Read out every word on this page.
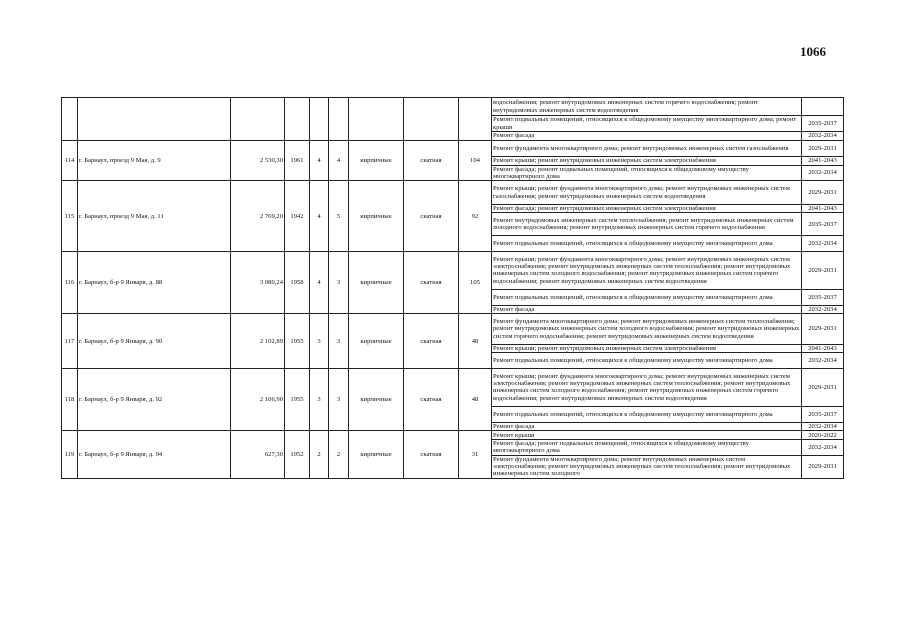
1066
									водоснабжения; ремонт внутридомовых инженерных систем горячего водоснабжения; ремонт внутридомовых инженерных систем водоотведения	
									Ремонт подвальных помещений, относящихся к общедомовому имуществу многоквартирного дома; ремонт крыши	2035-2037
									Ремонт фасада	2032-2034
114	г. Барнаул, проезд 9 Мая, д. 9	2 530,30	1961	4	4	кирпичные	скатная	104	Ремонт фундамента многоквартирного дома; ремонт внутридомовых инженерных систем газоснабжения	2029-2031
									Ремонт крыши; ремонт внутридомовых инженерных систем электроснабжения	2041-2043
									Ремонт фасада; ремонт подвальных помещений, относящихся к общедомовому имуществу многоквартирного дома	2032-2034
115	г. Барнаул, проезд 9 Мая, д. 11	2 769,20	1942	4	5	кирпичные	скатная	92	Ремонт крыши; ремонт фундамента многоквартирного дома; ремонт внутридомовых инженерных систем газоснабжения; ремонт внутридомовых инженерных систем водоотведения	2029-2031
									Ремонт фасада; ремонт внутридомовых инженерных систем электроснабжения	2041-2043
									Ремонт внутридомовых инженерных систем теплоснабжения; ремонт внутридомовых инженерных систем холодного водоснабжения; ремонт внутридомовых инженерных систем горячего водоснабжения	2035-2037
									Ремонт подвальных помещений, относящихся к общедомовому имуществу многоквартирного дома	2032-2034
116	г. Барнаул, б-р 9 Января, д. 88	3 080,24	1958	4	3	кирпичные	скатная	105	Ремонт крыши; ремонт фундамента многоквартирного дома; ремонт внутридомовых инженерных систем электроснабжения; ремонт внутридомовых инженерных систем теплоснабжения; ремонт внутридомовых инженерных систем холодного водоснабжения; ремонт внутридомовых инженерных систем горячего водоснабжения; ремонт внутридомовых инженерных систем водоотведения	2029-2031
									Ремонт подвальных помещений, относящихся к общедомовому имуществу многоквартирного дома	2035-2037
									Ремонт фасада	2032-2034
117	г. Барнаул, б-р 9 Января, д. 90	2 102,89	1955	3	3	кирпичные	скатная	48	Ремонт фундамента многоквартирного дома; ремонт внутридомовых инженерных систем теплоснабжения; ремонт внутридомовых инженерных систем холодного водоснабжения; ремонт внутридомовых инженерных систем горячего водоснабжения; ремонт внутридомовых инженерных систем водоотведения	2029-2031
									Ремонт крыши; ремонт внутридомовых инженерных систем электроснабжения	2041-2043
									Ремонт подвальных помещений, относящихся к общедомовому имуществу многоквартирного дома	2032-2034
118	г. Барнаул, б-р 9 Января, д. 92	2 106,90	1955	3	3	кирпичные	скатная	48	Ремонт крыши; ремонт фундамента многоквартирного дома; ремонт внутридомовых инженерных систем электроснабжения; ремонт внутридомовых инженерных систем теплоснабжения; ремонт внутридомовых инженерных систем холодного водоснабжения; ремонт внутридомовых инженерных систем горячего водоснабжения; ремонт внутридомовых инженерных систем водоотведения	2029-2031
									Ремонт подвальных помещений, относящихся к общедомовому имуществу многоквартирного дома	2035-2037
									Ремонт фасада	2032-2034
119	г. Барнаул, б-р 9 Января, д. 94	627,30	1952	2	2	кирпичные	скатная	31	Ремонт крыши	2020-2022
									Ремонт фасада; ремонт подвальных помещений, относящихся к общедомовому имуществу многоквартирного дома	2032-2034
									Ремонт фундамента многоквартирного дома; ремонт внутридомовых инженерных систем электроснабжения; ремонт внутридомовых инженерных систем теплоснабжения; ремонт внутридомовых инженерных систем холодного	2029-2031
